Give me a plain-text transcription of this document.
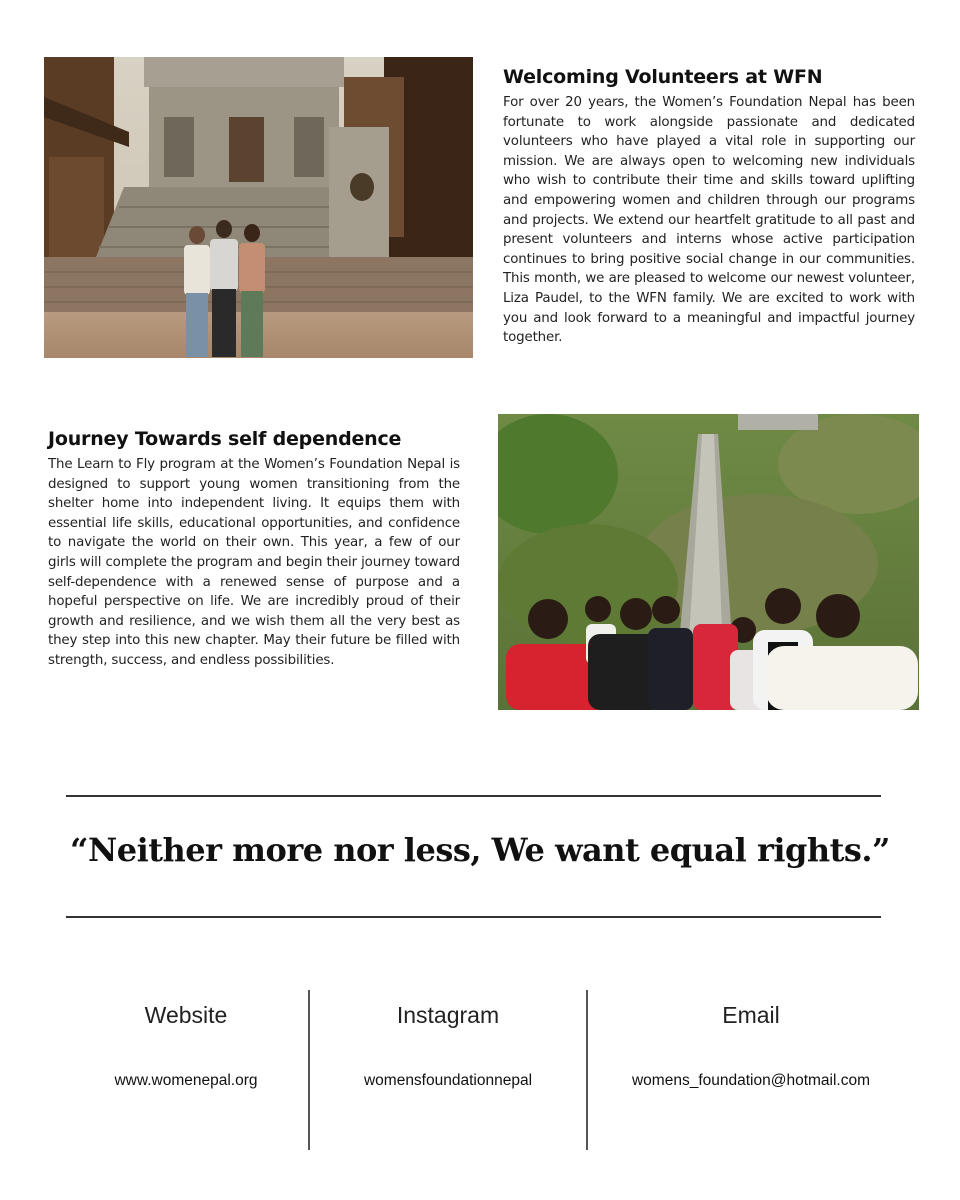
Welcoming Volunteers at WFN

For over 20 years, the Women’s Foundation Nepal has been fortunate to work alongside passionate and dedicated volunteers who have played a vital role in supporting our mission. We are always open to welcoming new individuals who wish to contribute their time and skills toward uplifting and empowering women and children through our programs and projects. We extend our heartfelt gratitude to all past and present volunteers and interns whose active participation continues to bring positive social change in our communities. This month, we are pleased to welcome our newest volunteer, Liza Paudel, to the WFN family. We are excited to work with you and look forward to a meaningful and impactful journey together.

Journey Towards self dependence

The Learn to Fly program at the Women’s Foundation Nepal is designed to support young women transitioning from the shelter home into independent living. It equips them with essential life skills, educational opportunities, and confidence to navigate the world on their own. This year, a few of our girls will complete the program and begin their journey toward self-dependence with a renewed sense of purpose and a hopeful perspective on life. We are incredibly proud of their growth and resilience, and we wish them all the very best as they step into this new chapter. May their future be filled with strength, success, and endless possibilities.

“Neither more nor less, We want equal rights.”
Website
www.womenepal.org
Instagram
womensfoundationnepal
Email
womens_foundation@hotmail.com
